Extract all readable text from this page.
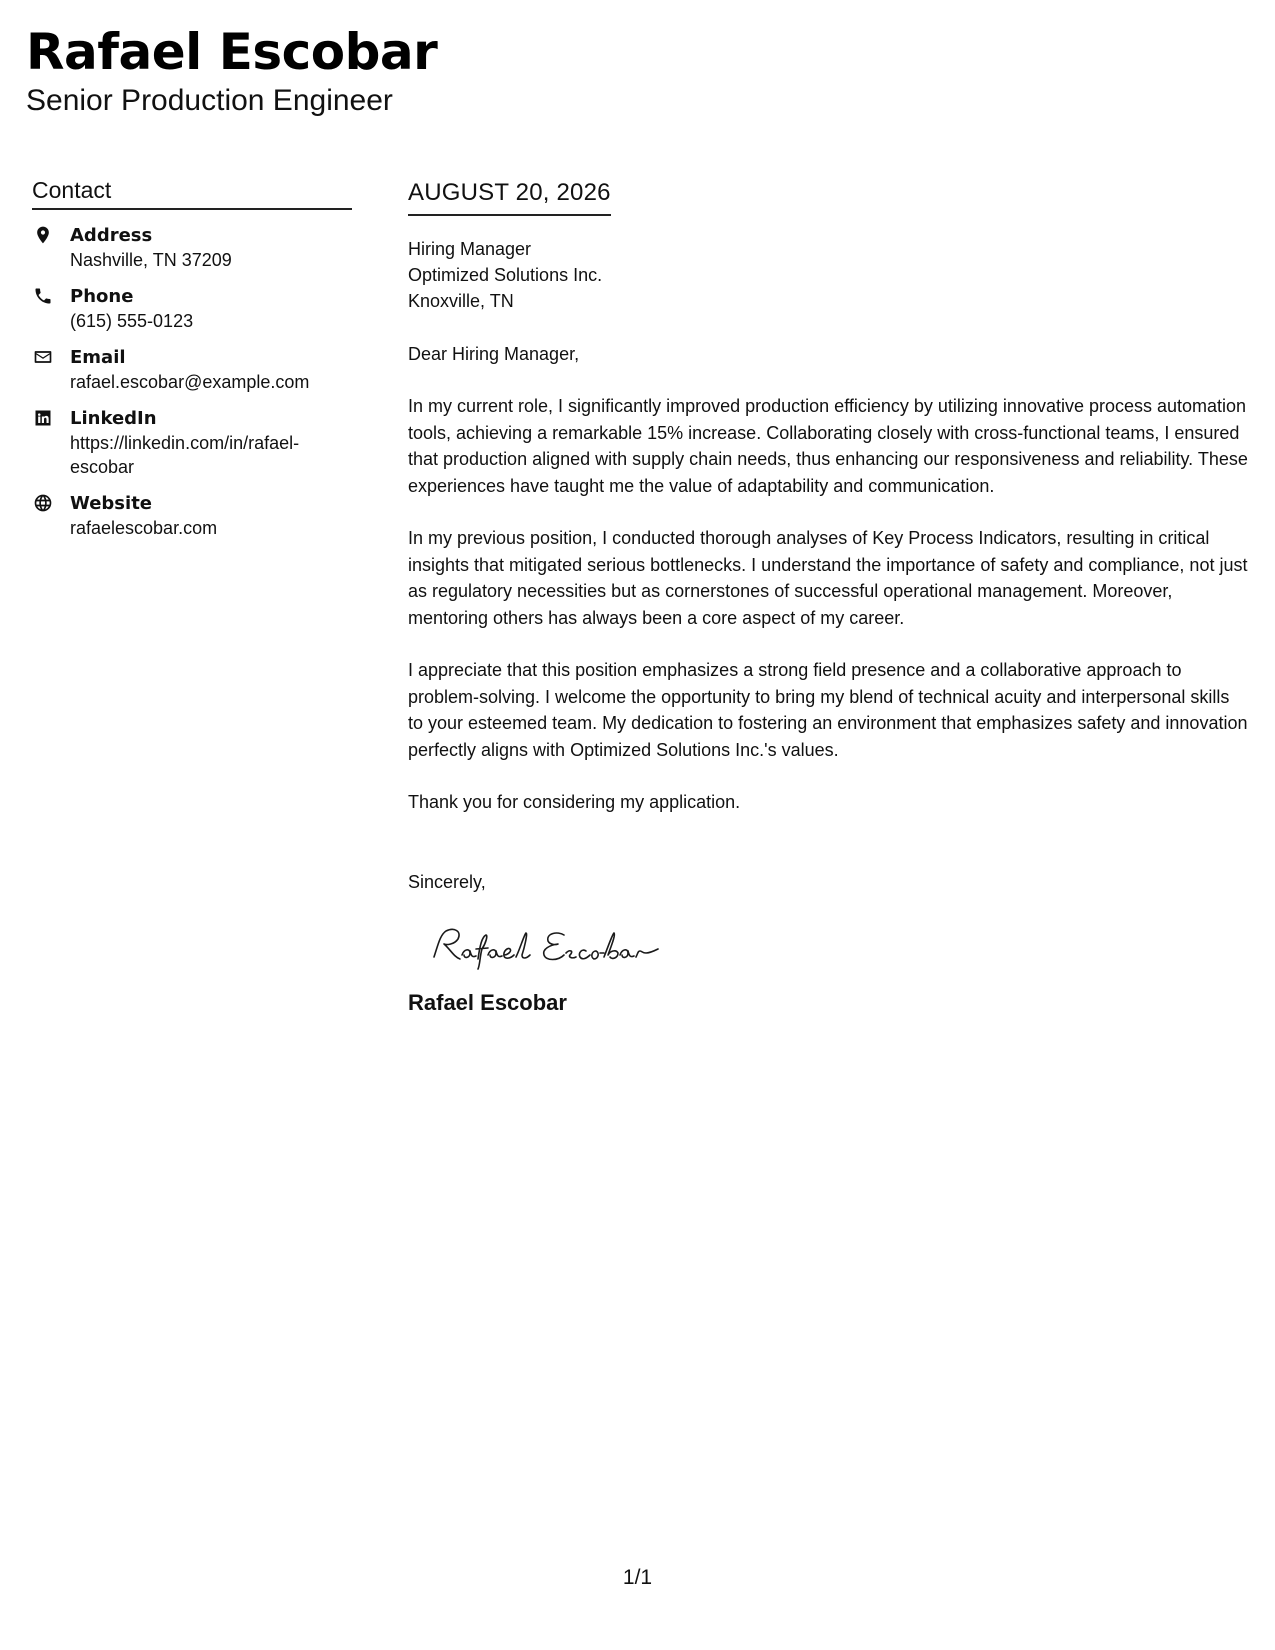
Rafael Escobar
Senior Production Engineer
Contact
Address
Nashville, TN 37209
Phone
(615) 555-0123
Email
rafael.escobar@example.com
LinkedIn
https://linkedin.com/in/rafael-escobar
Website
rafaelescobar.com
AUGUST 20, 2026
Hiring Manager
Optimized Solutions Inc.
Knoxville, TN
Dear Hiring Manager,
In my current role, I significantly improved production efficiency by utilizing innovative process automation tools, achieving a remarkable 15% increase. Collaborating closely with cross-functional teams, I ensured that production aligned with supply chain needs, thus enhancing our responsiveness and reliability. These experiences have taught me the value of adaptability and communication.
In my previous position, I conducted thorough analyses of Key Process Indicators, resulting in critical insights that mitigated serious bottlenecks. I understand the importance of safety and compliance, not just as regulatory necessities but as cornerstones of successful operational management. Moreover, mentoring others has always been a core aspect of my career.
I appreciate that this position emphasizes a strong field presence and a collaborative approach to problem-solving. I welcome the opportunity to bring my blend of technical acuity and interpersonal skills to your esteemed team. My dedication to fostering an environment that emphasizes safety and innovation perfectly aligns with Optimized Solutions Inc.'s values.
Thank you for considering my application.
Sincerely,
Rafael Escobar
1/1
